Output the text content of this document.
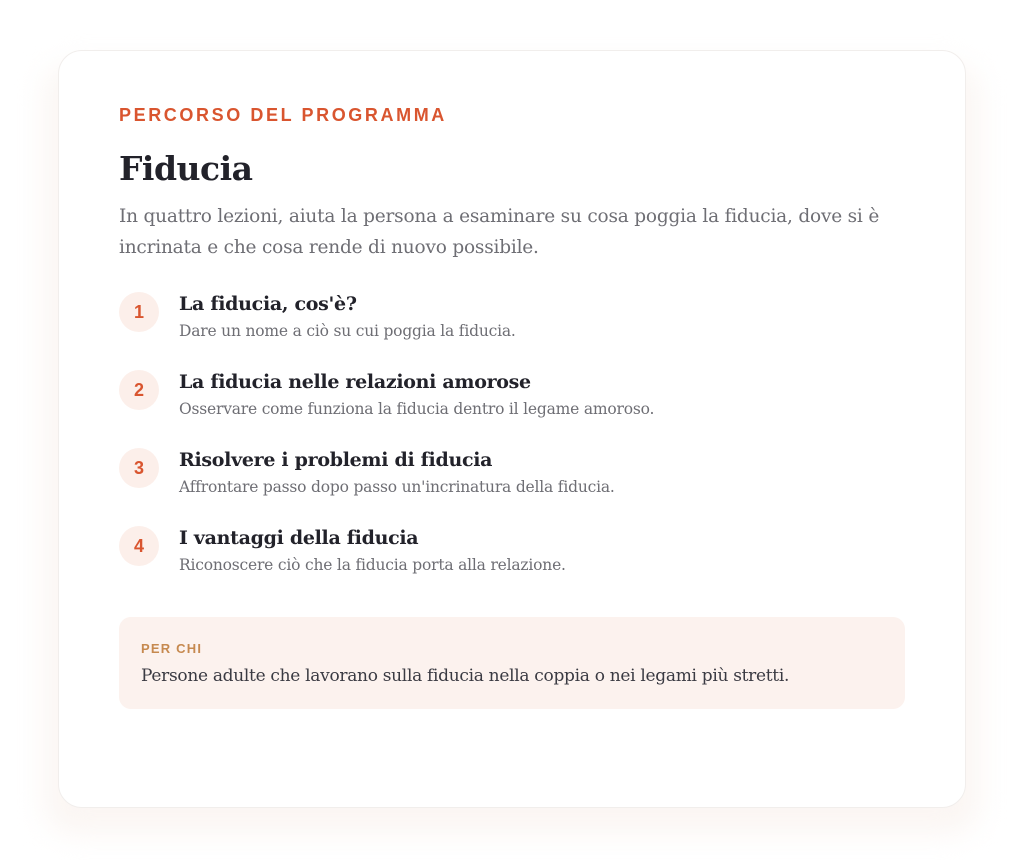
PERCORSO DEL PROGRAMMA

Fiducia

In quattro lezioni, aiuta la persona a esaminare su cosa poggia la fiducia, dove si è incrinata e che cosa rende di nuovo possibile.

1	La fiducia, cos'è?
Dare un nome a ciò su cui poggia la fiducia.
2	La fiducia nelle relazioni amorose
Osservare come funziona la fiducia dentro il legame amoroso.
3	Risolvere i problemi di fiducia
Affrontare passo dopo passo un'incrinatura della fiducia.
4	I vantaggi della fiducia
Riconoscere ciò che la fiducia porta alla relazione.
PER CHI
Persone adulte che lavorano sulla fiducia nella coppia o nei legami più stretti.
